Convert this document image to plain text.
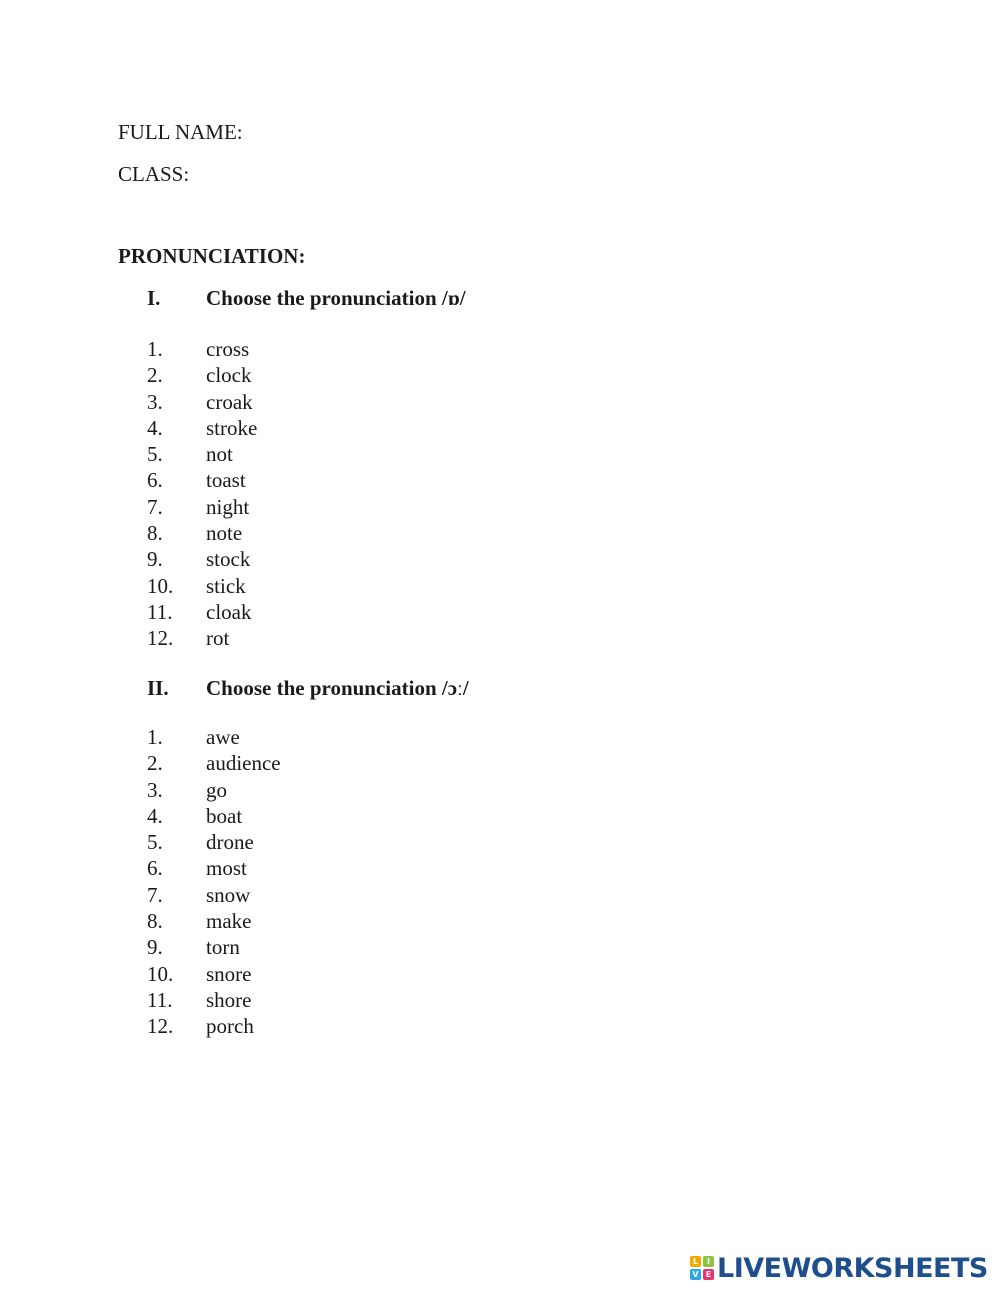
FULL NAME:
CLASS:
PRONUNCIATION:
I.	Choose the pronunciation /ɒ/
1.	cross
2.	clock
3.	croak
4.	stroke
5.	not
6.	toast
7.	night
8.	note
9.	stock
10.	stick
11.	cloak
12.	rot
II.	Choose the pronunciation /ɔː/
1.	awe
2.	audience
3.	go
4.	boat
5.	drone
6.	most
7.	snow
8.	make
9.	torn
10.	snore
11.	shore
12.	porch
L	I
V E LIVEWORKSHEETS
